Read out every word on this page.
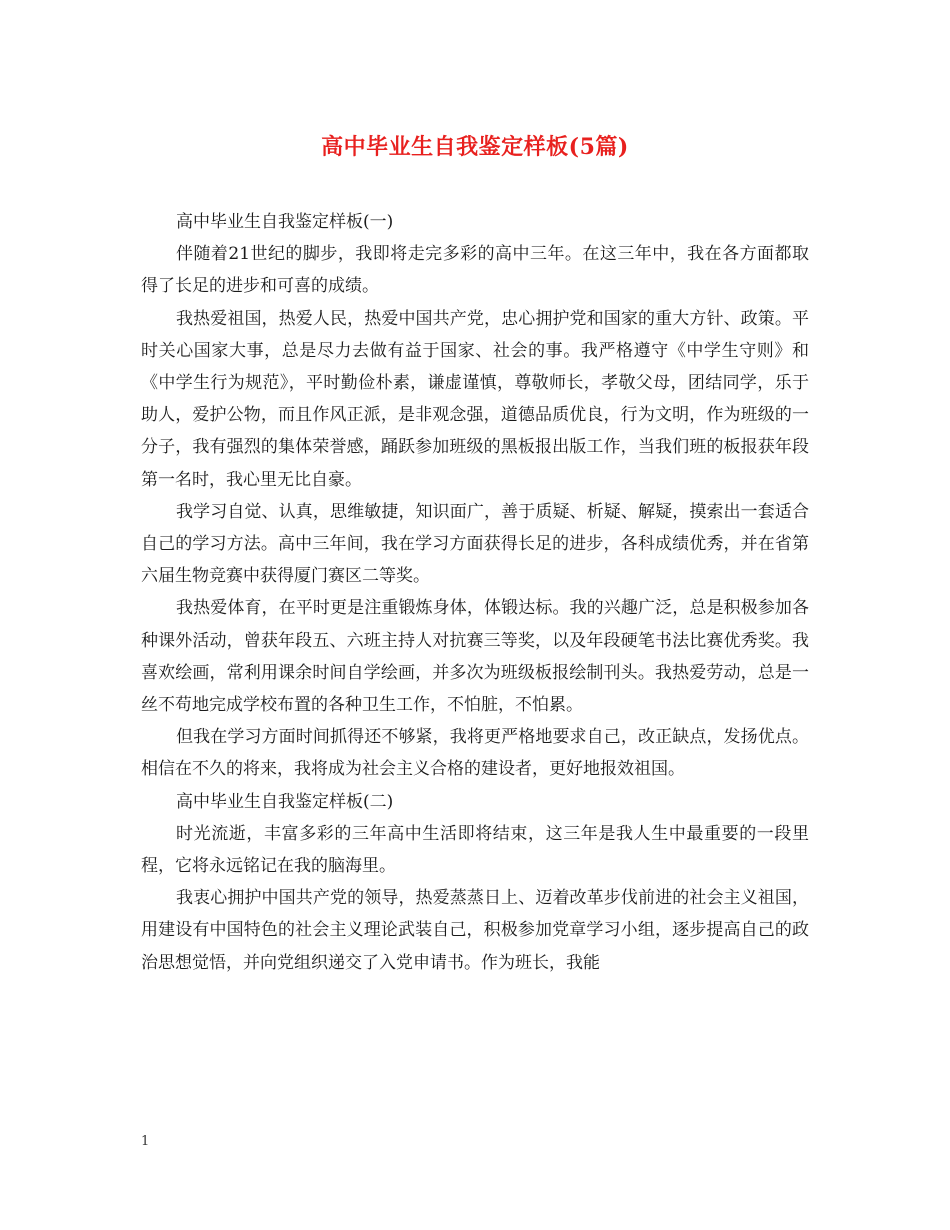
高中毕业生自我鉴定样板(5篇)

高中毕业生自我鉴定样板(一)

伴随着21世纪的脚步，我即将走完多彩的高中三年。在这三年中，我在各方面都取得了长足的进步和可喜的成绩。

我热爱祖国，热爱人民，热爱中国共产党，忠心拥护党和国家的重大方针、政策。平时关心国家大事，总是尽力去做有益于国家、社会的事。我严格遵守《中学生守则》和《中学生行为规范》，平时勤俭朴素，谦虚谨慎，尊敬师长，孝敬父母，团结同学，乐于助人，爱护公物，而且作风正派，是非观念强，道德品质优良，行为文明，作为班级的一分子，我有强烈的集体荣誉感，踊跃参加班级的黑板报出版工作，当我们班的板报获年段第一名时，我心里无比自豪。

我学习自觉、认真，思维敏捷，知识面广，善于质疑、析疑、解疑，摸索出一套适合自己的学习方法。高中三年间，我在学习方面获得长足的进步，各科成绩优秀，并在省第六届生物竞赛中获得厦门赛区二等奖。

我热爱体育，在平时更是注重锻炼身体，体锻达标。我的兴趣广泛，总是积极参加各种课外活动，曾获年段五、六班主持人对抗赛三等奖，以及年段硬笔书法比赛优秀奖。我喜欢绘画，常利用课余时间自学绘画，并多次为班级板报绘制刊头。我热爱劳动，总是一丝不苟地完成学校布置的各种卫生工作，不怕脏，不怕累。

但我在学习方面时间抓得还不够紧，我将更严格地要求自己，改正缺点，发扬优点。相信在不久的将来，我将成为社会主义合格的建设者，更好地报效祖国。

高中毕业生自我鉴定样板(二)

时光流逝，丰富多彩的三年高中生活即将结束，这三年是我人生中最重要的一段里程，它将永远铭记在我的脑海里。

我衷心拥护中国共产党的领导，热爱蒸蒸日上、迈着改革步伐前进的社会主义祖国，用建设有中国特色的社会主义理论武装自己，积极参加党章学习小组，逐步提高自己的政治思想觉悟，并向党组织递交了入党申请书。作为班长，我能

1
